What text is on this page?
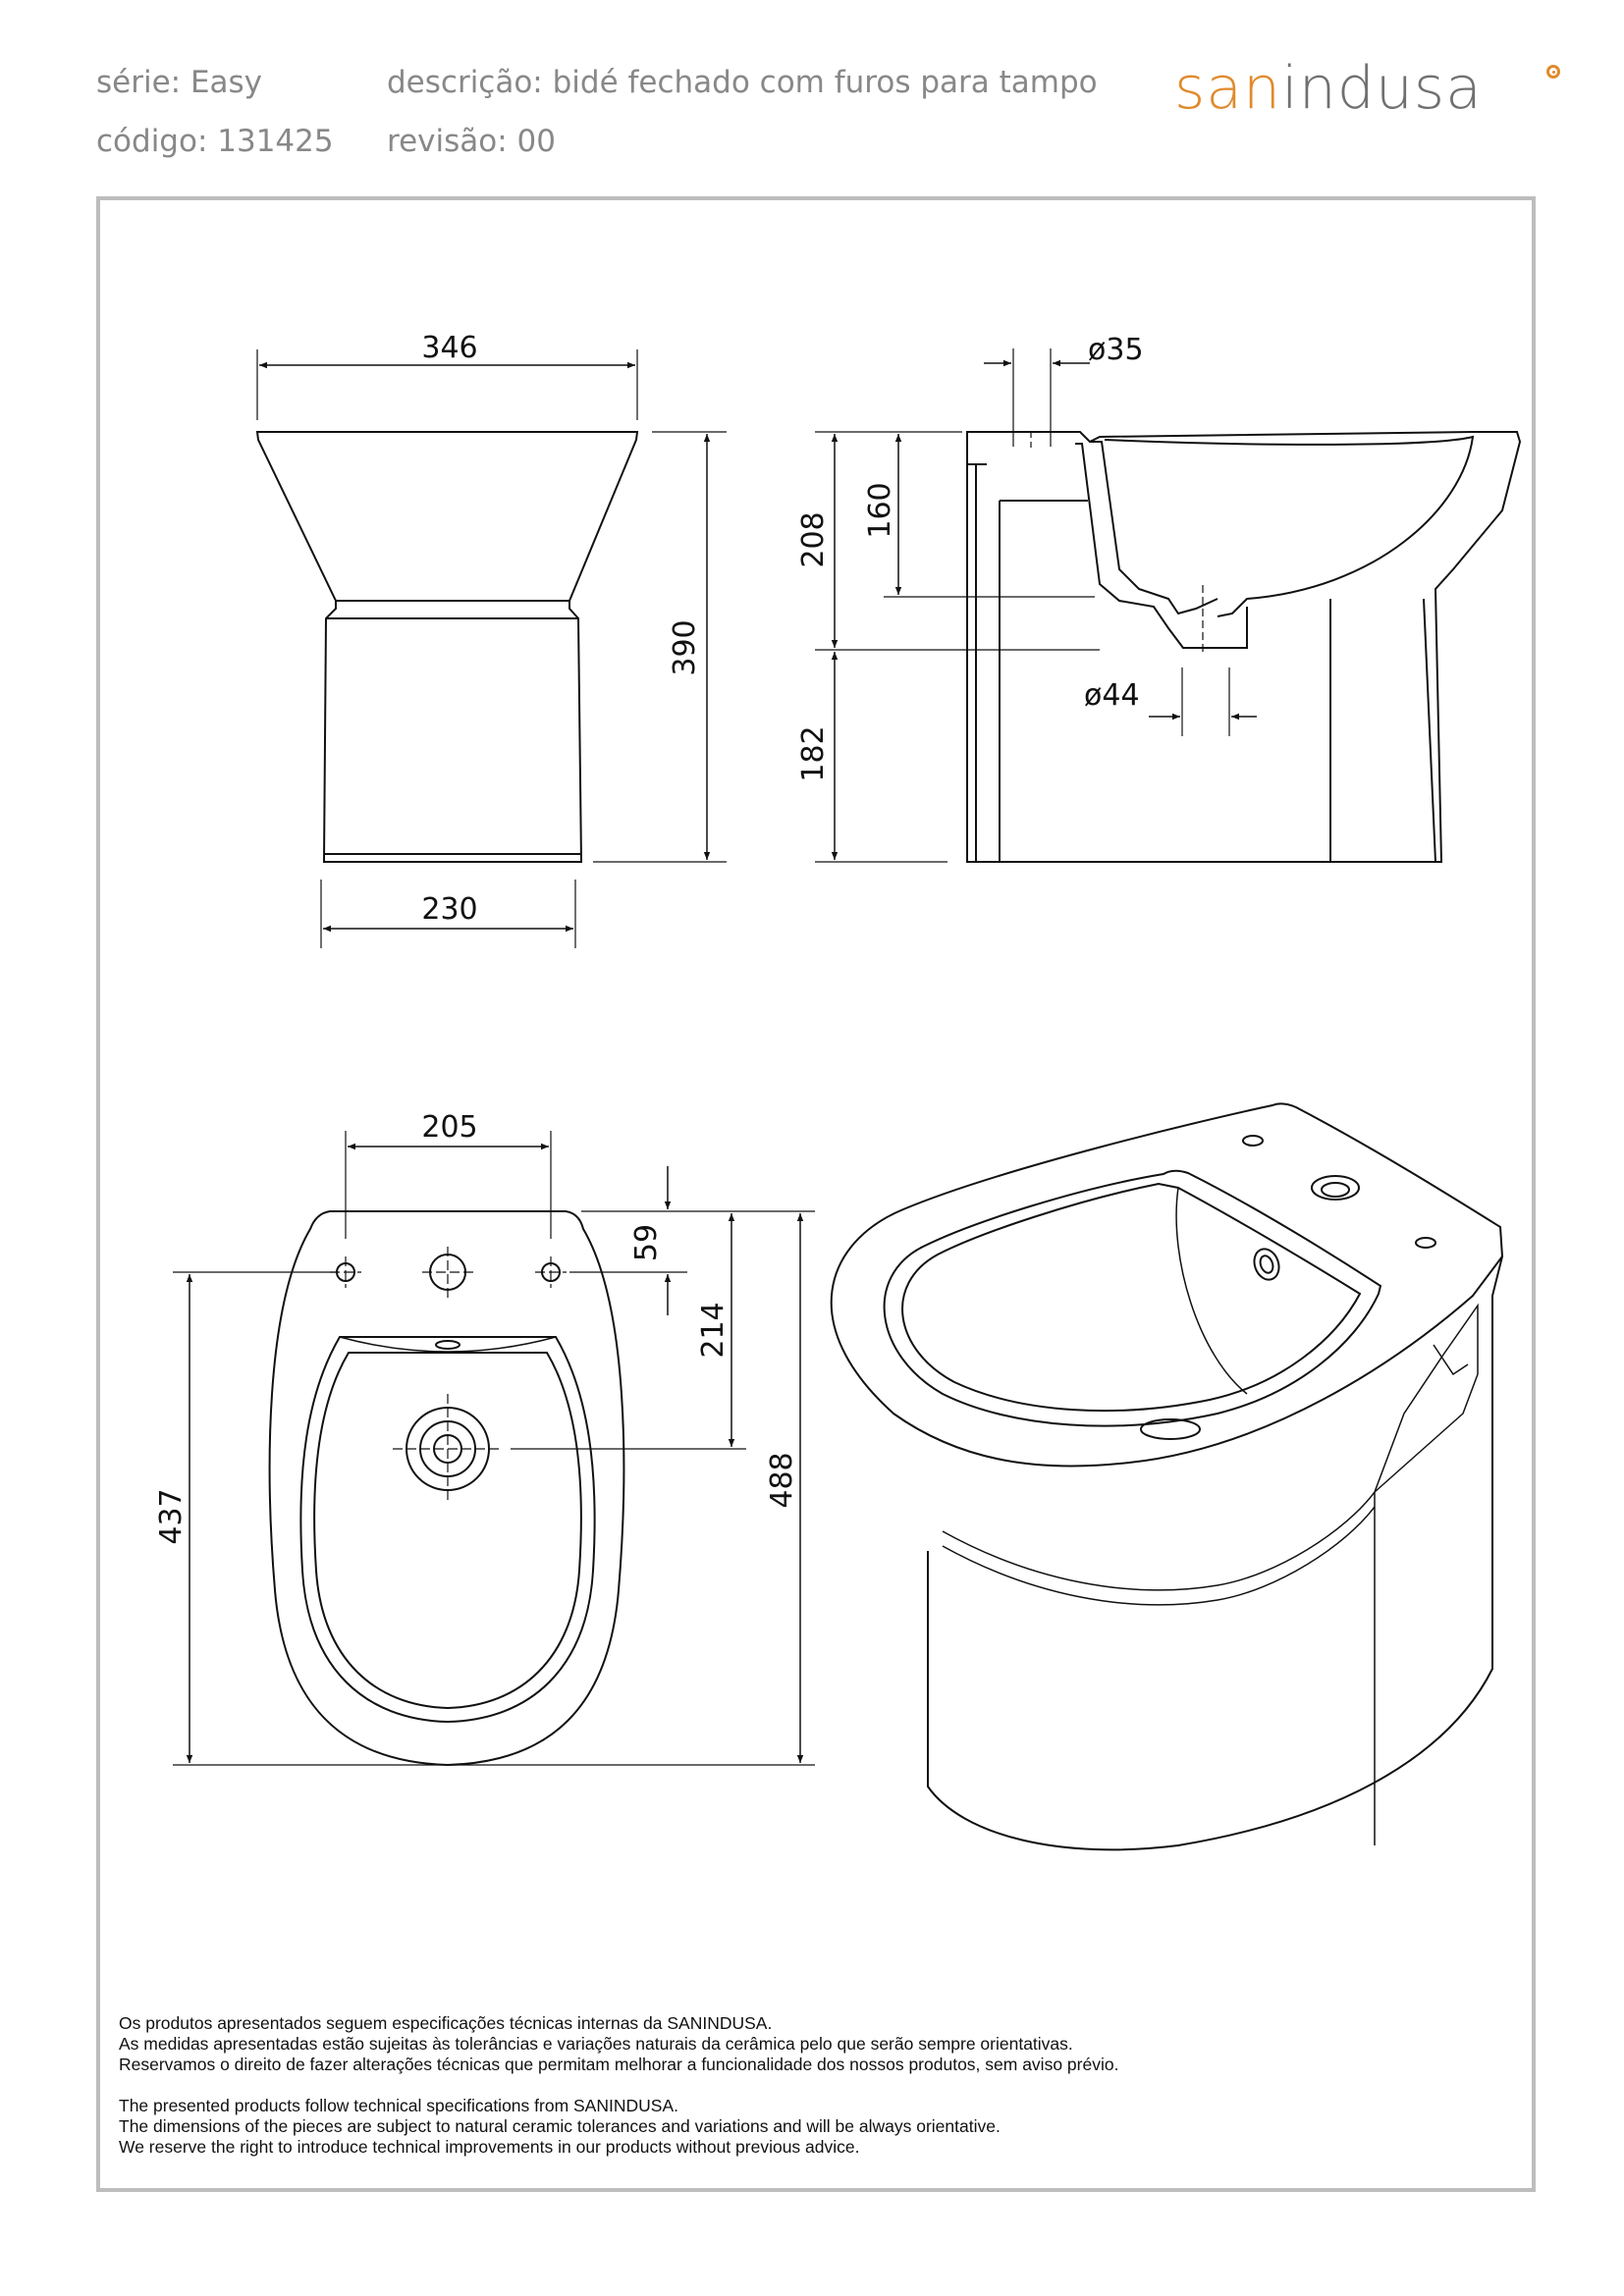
série: Easy	descrição: bidé fechado com furos para tampo
código: 131425 revisão: 00
sanindusa
346
230
390
208
160
182
ø35
ø44
205
59
214
488
437

Os produtos apresentados seguem especificações técnicas internas da SANINDUSA.

As medidas apresentadas estão sujeitas às tolerâncias e variações naturais da cerâmica pelo que serão sempre orientativas.

Reservamos o direito de fazer alterações técnicas que permitam melhorar a funcionalidade dos nossos produtos, sem aviso prévio.

The presented products follow technical specifications from SANINDUSA.

The dimensions of the pieces are subject to natural ceramic tolerances and variations and will be always orientative.

We reserve the right to introduce technical improvements in our products without previous advice.
